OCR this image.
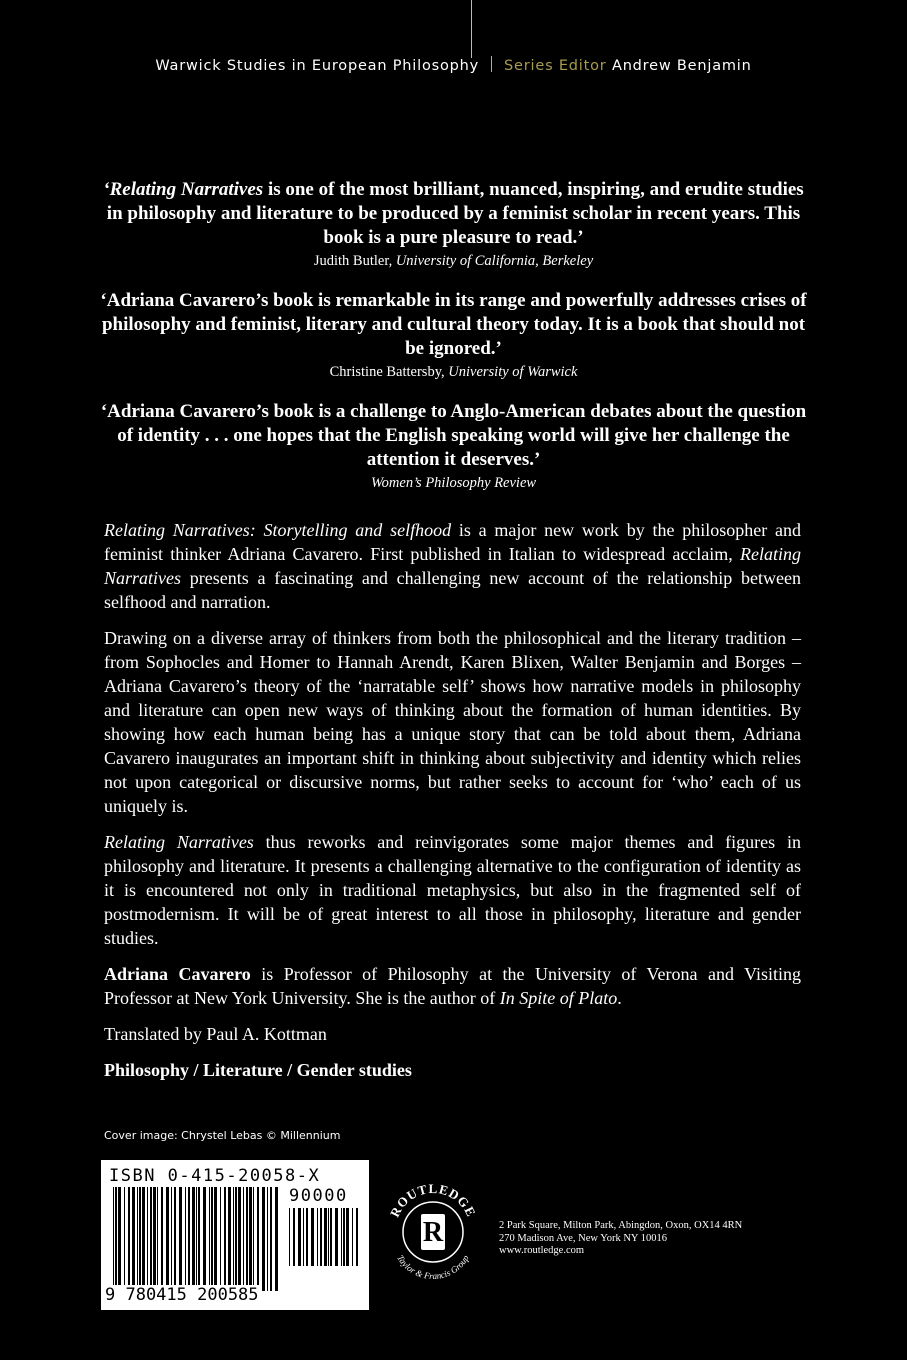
Warwick Studies in European Philosophy Series Editor Andrew Benjamin
‘Relating Narratives is one of the most brilliant, nuanced, inspiring, and erudite studies in philosophy and literature to be produced by a feminist scholar in recent years. This book is a pure pleasure to read.’
Judith Butler, University of California, Berkeley
‘Adriana Cavarero’s book is remarkable in its range and powerfully addresses crises of philosophy and feminist, literary and cultural theory today. It is a book that should not be ignored.’
Christine Battersby, University of Warwick
‘Adriana Cavarero’s book is a challenge to Anglo-American debates about the question of identity . . . one hopes that the English speaking world will give her challenge the attention it deserves.’
Women’s Philosophy Review

Relating Narratives: Storytelling and selfhood is a major new work by the philosopher and feminist thinker Adriana Cavarero. First published in Italian to widespread acclaim, Relating Narratives presents a fascinating and challenging new account of the relationship between selfhood and narration.

Drawing on a diverse array of thinkers from both the philosophical and the literary tradition – from Sophocles and Homer to Hannah Arendt, Karen Blixen, Walter Benjamin and Borges – Adriana Cavarero’s theory of the ‘narratable self’ shows how narrative models in philosophy and literature can open new ways of thinking about the formation of human identities. By showing how each human being has a unique story that can be told about them, Adriana Cavarero inaugurates an important shift in thinking about subjectivity and identity which relies not upon categorical or discursive norms, but rather seeks to account for ‘who’ each of us uniquely is.

Relating Narratives thus reworks and reinvigorates some major themes and figures in philosophy and literature. It presents a challenging alternative to the configuration of identity as it is encountered not only in traditional metaphysics, but also in the fragmented self of postmodernism. It will be of great interest to all those in philosophy, literature and gender studies.

Adriana Cavarero is Professor of Philosophy at the University of Verona and Visiting Professor at New York University. She is the author of In Spite of Plato.

Translated by Paul A. Kottman

Philosophy / Literature / Gender studies

Cover image: Chrystel Lebas © Millennium
ISBN 0-415-20058-X
90000
9 780415 200585
ROUTLEDGE
Taylor & Francis Group
R	2 Park Square, Milton Park, Abingdon, Oxon, OX14 4RN
270 Madison Ave, New York NY 10016
www.routledge.com
